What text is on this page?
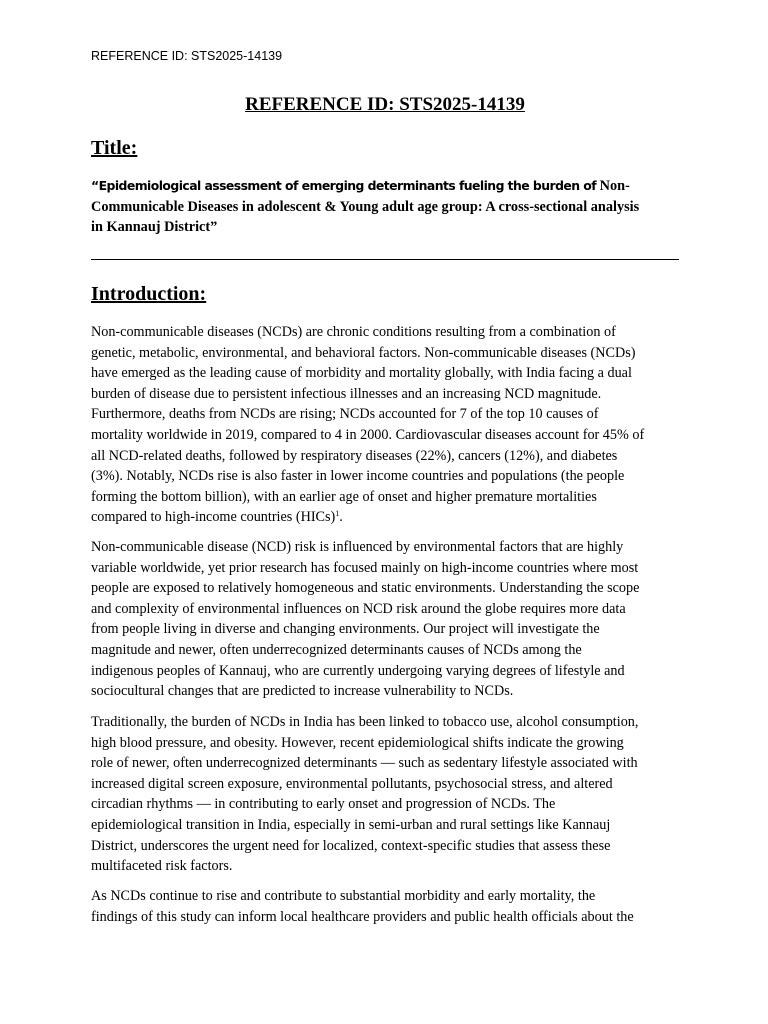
REFERENCE ID: STS2025-14139
REFERENCE ID: STS2025-14139
Title:
“Epidemiological assessment of emerging determinants fueling the burden of Non-
Communicable Diseases in adolescent & Young adult age group: A cross-sectional analysis
in Kannauj District”
Introduction:
Non-communicable diseases (NCDs) are chronic conditions resulting from a combination of
genetic, metabolic, environmental, and behavioral factors. Non-communicable diseases (NCDs)
have emerged as the leading cause of morbidity and mortality globally, with India facing a dual
burden of disease due to persistent infectious illnesses and an increasing NCD magnitude.
Furthermore, deaths from NCDs are rising; NCDs accounted for 7 of the top 10 causes of
mortality worldwide in 2019, compared to 4 in 2000. Cardiovascular diseases account for 45% of
all NCD-related deaths, followed by respiratory diseases (22%), cancers (12%), and diabetes
(3%). Notably, NCDs rise is also faster in lower income countries and populations (the people
forming the bottom billion), with an earlier age of onset and higher premature mortalities
compared to high-income countries (HICs)$^1$.
Non-communicable disease (NCD) risk is influenced by environmental factors that are highly
variable worldwide, yet prior research has focused mainly on high-income countries where most
people are exposed to relatively homogeneous and static environments. Understanding the scope
and complexity of environmental influences on NCD risk around the globe requires more data
from people living in diverse and changing environments. Our project will investigate the
magnitude and newer, often underrecognized determinants causes of NCDs among the
indigenous peoples of Kannauj, who are currently undergoing varying degrees of lifestyle and
sociocultural changes that are predicted to increase vulnerability to NCDs.
Traditionally, the burden of NCDs in India has been linked to tobacco use, alcohol consumption,
high blood pressure, and obesity. However, recent epidemiological shifts indicate the growing
role of newer, often underrecognized determinants — such as sedentary lifestyle associated with
increased digital screen exposure, environmental pollutants, psychosocial stress, and altered
circadian rhythms — in contributing to early onset and progression of NCDs. The
epidemiological transition in India, especially in semi-urban and rural settings like Kannauj
District, underscores the urgent need for localized, context-specific studies that assess these
multifaceted risk factors.
As NCDs continue to rise and contribute to substantial morbidity and early mortality, the
findings of this study can inform local healthcare providers and public health officials about the
